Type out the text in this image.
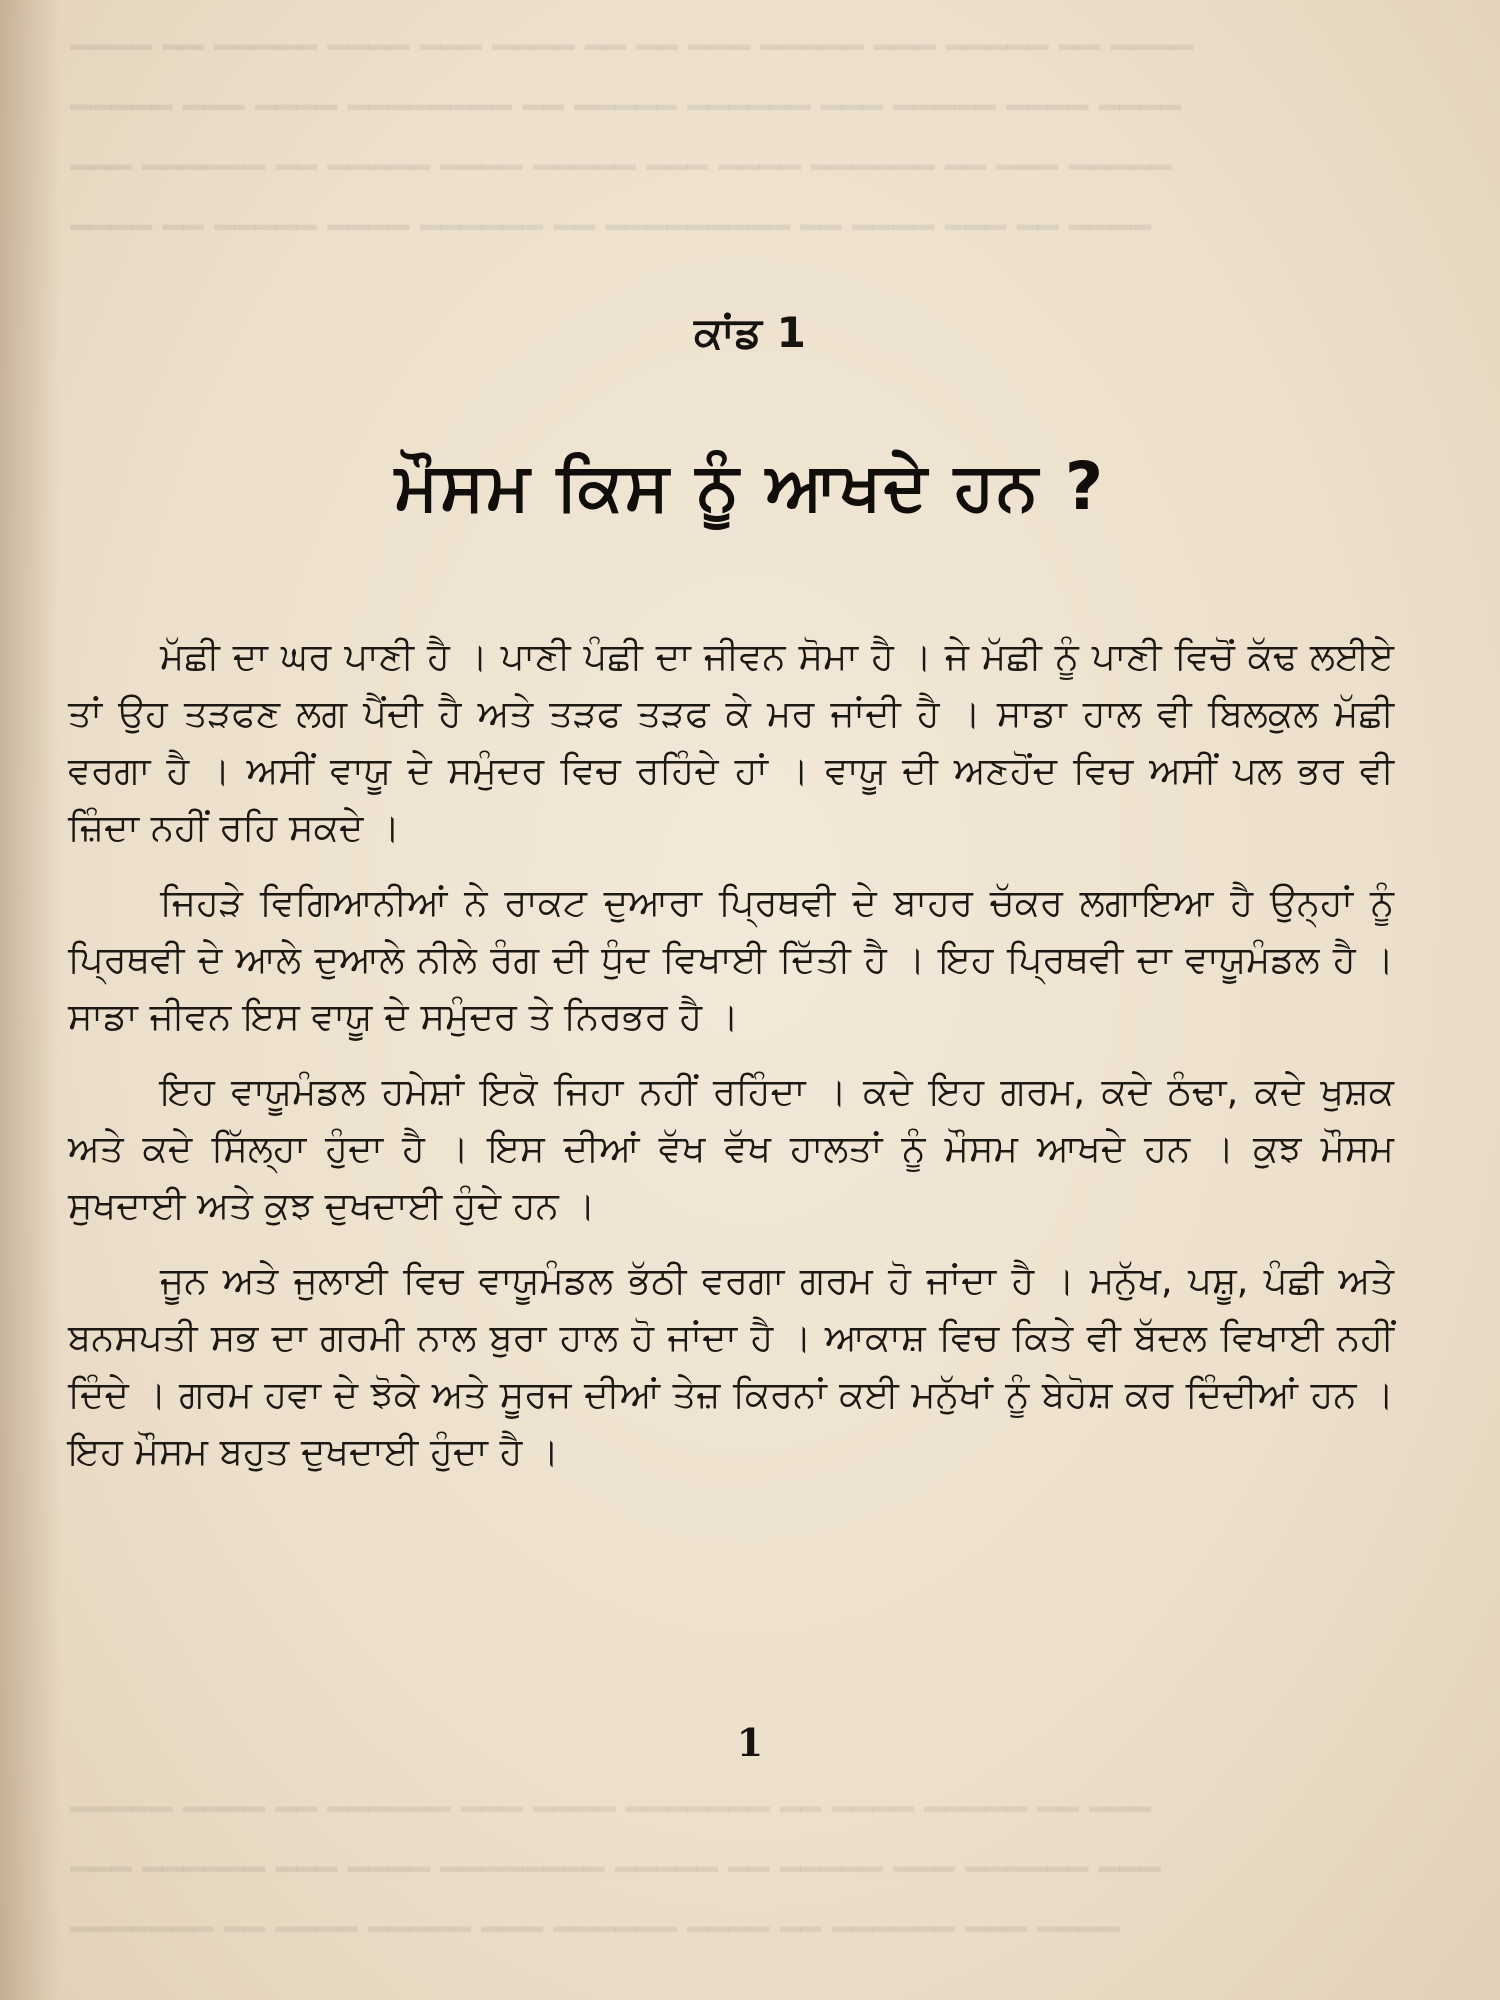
━━━━ ━━ ━━━━━ ━━━━ ━━━ ━━━━ ━━ ━━ ━━━ ━━━━━ ━━━ ━━━━━ ━━ ━━━━
━━━━━ ━━━ ━━━━ ━━━━━━━━ ━━ ━━━━━ ━━━━━━ ━━━ ━━━━━ ━━━━ ━━━━
━━━ ━━━━━━ ━━ ━━━━━ ━━━━ ━━━━━ ━━━ ━━━━ ━━━━━━ ━━ ━━━ ━━━━━
━━━━ ━━ ━━━━━ ━━━━ ━━━━━━ ━━ ━━━━━━━━━ ━━ ━━━━ ━━━ ━━ ━━━━
ਕਾਂਡ 1
ਮੌਸਮ ਕਿਸ ਨੂੰ ਆਖਦੇ ਹਨ ?

ਮੱਛੀ ਦਾ ਘਰ ਪਾਣੀ ਹੈ । ਪਾਣੀ ਪੰਛੀ ਦਾ ਜੀਵਨ ਸੋਮਾ ਹੈ । ਜੇ ਮੱਛੀ ਨੂੰ ਪਾਣੀ ਵਿਚੋਂ ਕੱਢ ਲਈਏ ਤਾਂ ਉਹ ਤੜਫਣ ਲਗ ਪੈਂਦੀ ਹੈ ਅਤੇ ਤੜਫ ਤੜਫ ਕੇ ਮਰ ਜਾਂਦੀ ਹੈ । ਸਾਡਾ ਹਾਲ ਵੀ ਬਿਲਕੁਲ ਮੱਛੀ ਵਰਗਾ ਹੈ । ਅਸੀਂ ਵਾਯੂ ਦੇ ਸਮੁੰਦਰ ਵਿਚ ਰਹਿੰਦੇ ਹਾਂ । ਵਾਯੂ ਦੀ ਅਣਹੋਂਦ ਵਿਚ ਅਸੀਂ ਪਲ ਭਰ ਵੀ ਜ਼ਿੰਦਾ ਨਹੀਂ ਰਹਿ ਸਕਦੇ ।

ਜਿਹੜੇ ਵਿਗਿਆਨੀਆਂ ਨੇ ਰਾਕਟ ਦੁਆਰਾ ਪ੍ਰਿਥਵੀ ਦੇ ਬਾਹਰ ਚੱਕਰ ਲਗਾਇਆ ਹੈ ਉਨ੍ਹਾਂ ਨੂੰ ਪ੍ਰਿਥਵੀ ਦੇ ਆਲੇ ਦੁਆਲੇ ਨੀਲੇ ਰੰਗ ਦੀ ਧੁੰਦ ਵਿਖਾਈ ਦਿੱਤੀ ਹੈ । ਇਹ ਪ੍ਰਿਥਵੀ ਦਾ ਵਾਯੂਮੰਡਲ ਹੈ । ਸਾਡਾ ਜੀਵਨ ਇਸ ਵਾਯੂ ਦੇ ਸਮੁੰਦਰ ਤੇ ਨਿਰਭਰ ਹੈ ।

ਇਹ ਵਾਯੂਮੰਡਲ ਹਮੇਸ਼ਾਂ ਇਕੋ ਜਿਹਾ ਨਹੀਂ ਰਹਿੰਦਾ । ਕਦੇ ਇਹ ਗਰਮ, ਕਦੇ ਠੰਢਾ, ਕਦੇ ਖੁਸ਼ਕ ਅਤੇ ਕਦੇ ਸਿੱਲ੍ਹਾ ਹੁੰਦਾ ਹੈ । ਇਸ ਦੀਆਂ ਵੱਖ ਵੱਖ ਹਾਲਤਾਂ ਨੂੰ ਮੌਸਮ ਆਖਦੇ ਹਨ । ਕੁਝ ਮੌਸਮ ਸੁਖਦਾਈ ਅਤੇ ਕੁਝ ਦੁਖਦਾਈ ਹੁੰਦੇ ਹਨ ।

ਜੂਨ ਅਤੇ ਜੁਲਾਈ ਵਿਚ ਵਾਯੂਮੰਡਲ ਭੱਠੀ ਵਰਗਾ ਗਰਮ ਹੋ ਜਾਂਦਾ ਹੈ । ਮਨੁੱਖ, ਪਸ਼ੂ, ਪੰਛੀ ਅਤੇ ਬਨਸਪਤੀ ਸਭ ਦਾ ਗਰਮੀ ਨਾਲ ਬੁਰਾ ਹਾਲ ਹੋ ਜਾਂਦਾ ਹੈ । ਆਕਾਸ਼ ਵਿਚ ਕਿਤੇ ਵੀ ਬੱਦਲ ਵਿਖਾਈ ਨਹੀਂ ਦਿੰਦੇ । ਗਰਮ ਹਵਾ ਦੇ ਝੋਕੇ ਅਤੇ ਸੂਰਜ ਦੀਆਂ ਤੇਜ਼ ਕਿਰਨਾਂ ਕਈ ਮਨੁੱਖਾਂ ਨੂੰ ਬੇਹੋਸ਼ ਕਰ ਦਿੰਦੀਆਂ ਹਨ । ਇਹ ਮੌਸਮ ਬਹੁਤ ਦੁਖਦਾਈ ਹੁੰਦਾ ਹੈ ।

1
━━━━━ ━━━━ ━━ ━━━━━━ ━━━ ━━━━ ━━━━━━━ ━━ ━━━━ ━━━━━ ━━ ━━━
━━━ ━━━━━━ ━━━ ━━━━ ━━━━━━━━ ━━━━━ ━━ ━━━━━ ━━━ ━━━━━━ ━━━
━━━━━━━ ━━ ━━━━ ━━━━━ ━━━ ━━━━━━ ━━━━ ━━ ━━━━━━ ━━━ ━━━━
